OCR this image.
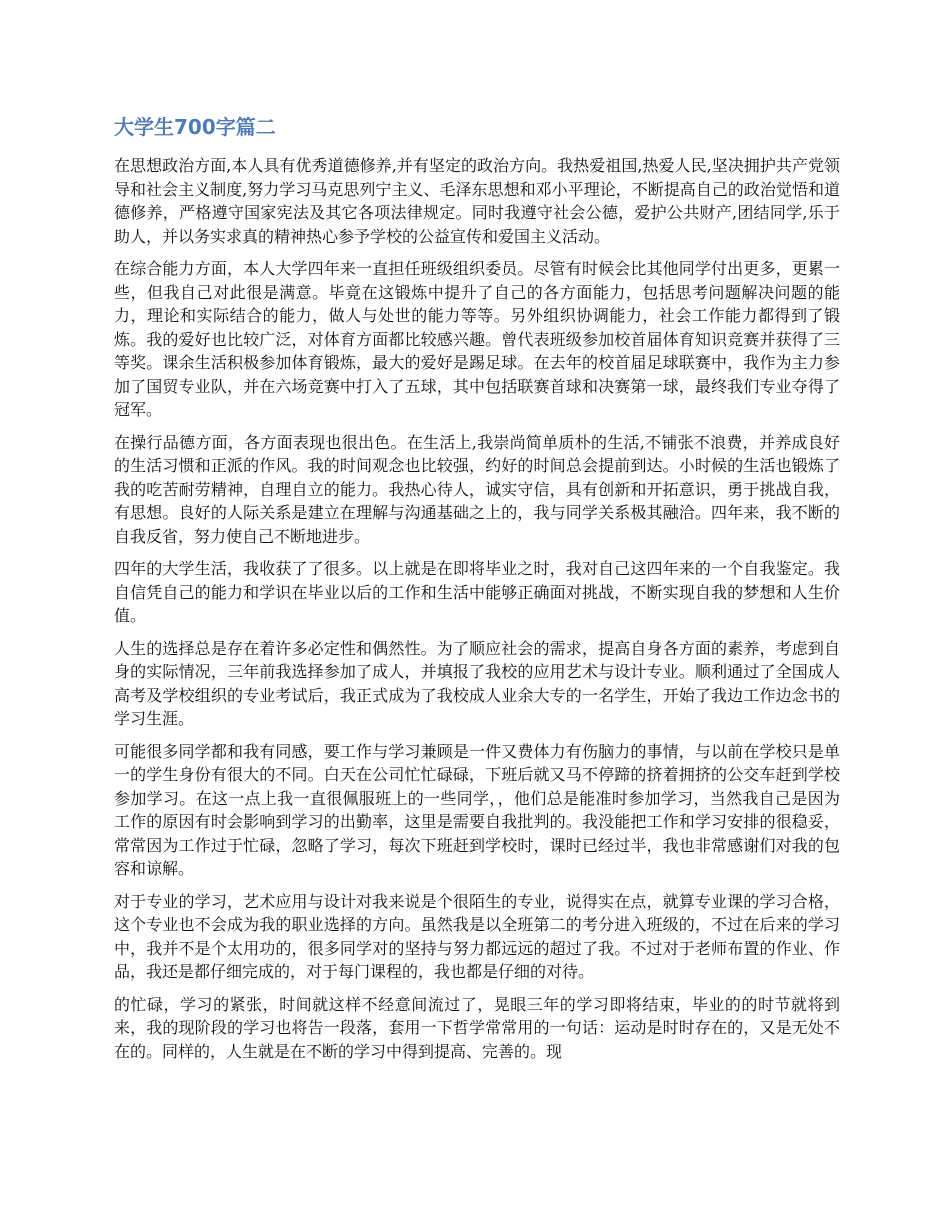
大学生700字篇二

在思想政治方面,本人具有优秀道德修养,并有坚定的政治方向。我热爱祖国,热爱人民,坚决拥护共产党领导和社会主义制度,努力学习马克思列宁主义、毛泽东思想和邓小平理论，不断提高自己的政治觉悟和道德修养，严格遵守国家宪法及其它各项法律规定。同时我遵守社会公德，爱护公共财产,团结同学,乐于助人，并以务实求真的精神热心参予学校的公益宣传和爱国主义活动。

在综合能力方面，本人大学四年来一直担任班级组织委员。尽管有时候会比其他同学付出更多，更累一些，但我自己对此很是满意。毕竟在这锻炼中提升了自己的各方面能力，包括思考问题解决问题的能力，理论和实际结合的能力，做人与处世的能力等等。另外组织协调能力，社会工作能力都得到了锻炼。我的爱好也比较广泛，对体育方面都比较感兴趣。曾代表班级参加校首届体育知识竞赛并获得了三等奖。课余生活积极参加体育锻炼，最大的爱好是踢足球。在去年的校首届足球联赛中，我作为主力参加了国贸专业队，并在六场竞赛中打入了五球，其中包括联赛首球和决赛第一球，最终我们专业夺得了冠军。

在操行品德方面，各方面表现也很出色。在生活上,我崇尚简单质朴的生活,不铺张不浪费，并养成良好的生活习惯和正派的作风。我的时间观念也比较强，约好的时间总会提前到达。小时候的生活也锻炼了我的吃苦耐劳精神，自理自立的能力。我热心待人，诚实守信，具有创新和开拓意识，勇于挑战自我，有思想。良好的人际关系是建立在理解与沟通基础之上的，我与同学关系极其融洽。四年来，我不断的自我反省，努力使自己不断地进步。

四年的大学生活，我收获了了很多。以上就是在即将毕业之时，我对自己这四年来的一个自我鉴定。我自信凭自己的能力和学识在毕业以后的工作和生活中能够正确面对挑战，不断实现自我的梦想和人生价值。

人生的选择总是存在着许多必定性和偶然性。为了顺应社会的需求，提高自身各方面的素养，考虑到自身的实际情况，三年前我选择参加了成人，并填报了我校的应用艺术与设计专业。顺利通过了全国成人高考及学校组织的专业考试后，我正式成为了我校成人业余大专的一名学生，开始了我边工作边念书的学习生涯。

可能很多同学都和我有同感，要工作与学习兼顾是一件又费体力有伤脑力的事情，与以前在学校只是单一的学生身份有很大的不同。白天在公司忙忙碌碌，下班后就又马不停蹄的挤着拥挤的公交车赶到学校参加学习。在这一点上我一直很佩服班上的一些同学，，他们总是能准时参加学习，当然我自己是因为工作的原因有时会影响到学习的出勤率，这里是需要自我批判的。我没能把工作和学习安排的很稳妥，常常因为工作过于忙碌，忽略了学习，每次下班赶到学校时，课时已经过半，我也非常感谢们对我的包容和谅解。

对于专业的学习，艺术应用与设计对我来说是个很陌生的专业，说得实在点，就算专业课的学习合格，这个专业也不会成为我的职业选择的方向。虽然我是以全班第二的考分进入班级的，不过在后来的学习中，我并不是个太用功的，很多同学对的坚持与努力都远远的超过了我。不过对于老师布置的作业、作品，我还是都仔细完成的，对于每门课程的，我也都是仔细的对待。

的忙碌，学习的紧张，时间就这样不经意间流过了，晃眼三年的学习即将结束，毕业的的时节就将到来，我的现阶段的学习也将告一段落，套用一下哲学常常用的一句话：运动是时时存在的，又是无处不在的。同样的，人生就是在不断的学习中得到提高、完善的。现
